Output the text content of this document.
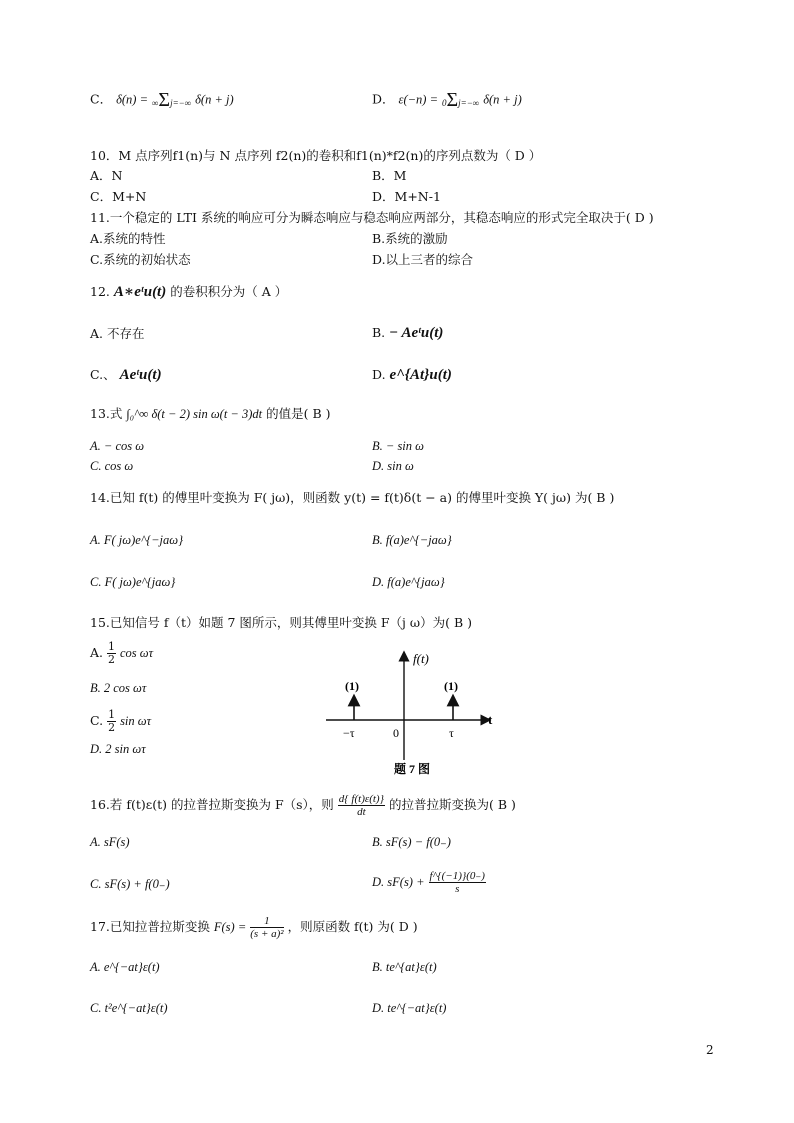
C． δ(n) = ∞Σj=−∞ δ(n + j)	D． ε(−n) = 0Σj=−∞ δ(n + j)
10．M 点序列f1(n)与 N 点序列 f2(n)的卷积和f1(n)*f2(n)的序列点数为（ D ）
A．N	B．M
C．M+N	D．M+N-1
11.一个稳定的 LTI 系统的响应可分为瞬态响应与稳态响应两部分，其稳态响应的形式完全取决于( D )
A.系统的特性	B.系统的激励
C.系统的初始状态	D.以上三者的综合
12. A∗eᵗu(t) 的卷积积分为（ A ）
A. 不存在	B. − Aeᵗu(t)
C.、 Aeᵗu(t)	D. e^{At}u(t)
13.式 ∫₀^∞ δ(t − 2) sin ω(t − 3)dt 的值是( B )
A. − cos ω	B. − sin ω
C. cos ω	D. sin ω
14.已知 f(t) 的傅里叶变换为 F( jω)，则函数 y(t) = f(t)δ(t − a) 的傅里叶变换 Y( jω) 为( B )
A. F( jω)e^{−jaω}	B. f(a)e^{−jaω}
C. F( jω)e^{jaω}	D. f(a)e^{jaω}
15.已知信号 f（t）如题 7 图所示，则其傅里叶变换 F（j ω）为( B )
A. $\frac{1}{2}$ cos ωτ
B. 2 cos ωτ
C. $\frac{1}{2}$ sin ωτ
D. 2 sin ωτ
f(t)
t
0
−τ	τ
(1)	(1)
题 7 图
16.若 f(t)ε(t) 的拉普拉斯变换为 F（s），则 $\frac{d\{ f(t)\varepsilon(t)\}}{dt}$ 的拉普拉斯变换为( B )
A. sF(s)	B. sF(s) − f(0₋)
C. sF(s) + f(0₋)	D. $sF(s) + \frac{f\^{}\{(-1)\}(0_-)}{s}$
17.已知拉普拉斯变换 $F(s) = \frac{1}{\text{(s + a)²}}$ ，则原函数 f(t) 为( D )
A. e^{−at}ε(t)	B. te^{at}ε(t)
C. t²e^{−at}ε(t)	D. te^{−at}ε(t)
2
